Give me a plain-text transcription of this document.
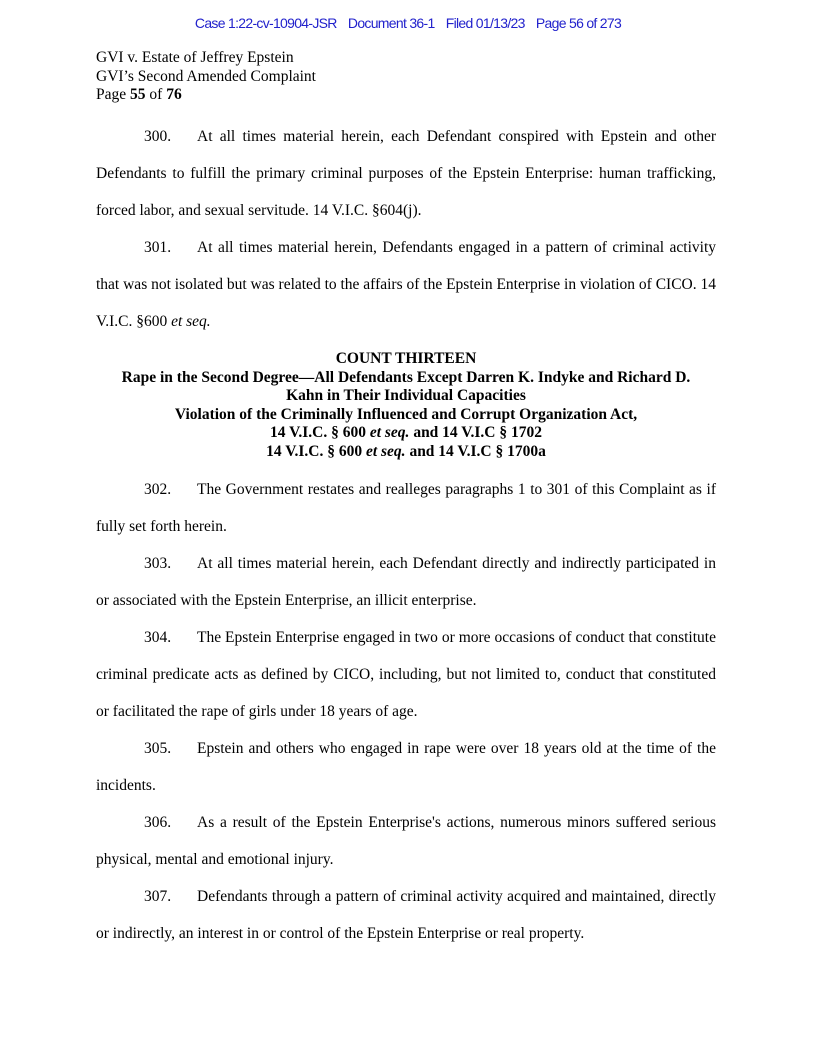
Case 1:22-cv-10904-JSR Document 36-1 Filed 01/13/23 Page 56 of 273
GVI v. Estate of Jeffrey Epstein
GVI’s Second Amended Complaint
Page 55 of 76

300. At all times material herein, each Defendant conspired with Epstein and other Defendants to fulfill the primary criminal purposes of the Epstein Enterprise: human trafficking, forced labor, and sexual servitude. 14 V.I.C. §604(j).

301. At all times material herein, Defendants engaged in a pattern of criminal activity that was not isolated but was related to the affairs of the Epstein Enterprise in violation of CICO. 14 V.I.C. §600 et seq.

COUNT THIRTEEN
Rape in the Second Degree—All Defendants Except Darren K. Indyke and Richard D.
Kahn in Their Individual Capacities
Violation of the Criminally Influenced and Corrupt Organization Act,
14 V.I.C. § 600 et seq. and 14 V.I.C § 1702
14 V.I.C. § 600 et seq. and 14 V.I.C § 1700a

302. The Government restates and realleges paragraphs 1 to 301 of this Complaint as if fully set forth herein.

303. At all times material herein, each Defendant directly and indirectly participated in or associated with the Epstein Enterprise, an illicit enterprise.

304. The Epstein Enterprise engaged in two or more occasions of conduct that constitute criminal predicate acts as defined by CICO, including, but not limited to, conduct that constituted or facilitated the rape of girls under 18 years of age.

305. Epstein and others who engaged in rape were over 18 years old at the time of the incidents.

306. As a result of the Epstein Enterprise's actions, numerous minors suffered serious physical, mental and emotional injury.

307. Defendants through a pattern of criminal activity acquired and maintained, directly or indirectly, an interest in or control of the Epstein Enterprise or real property.
